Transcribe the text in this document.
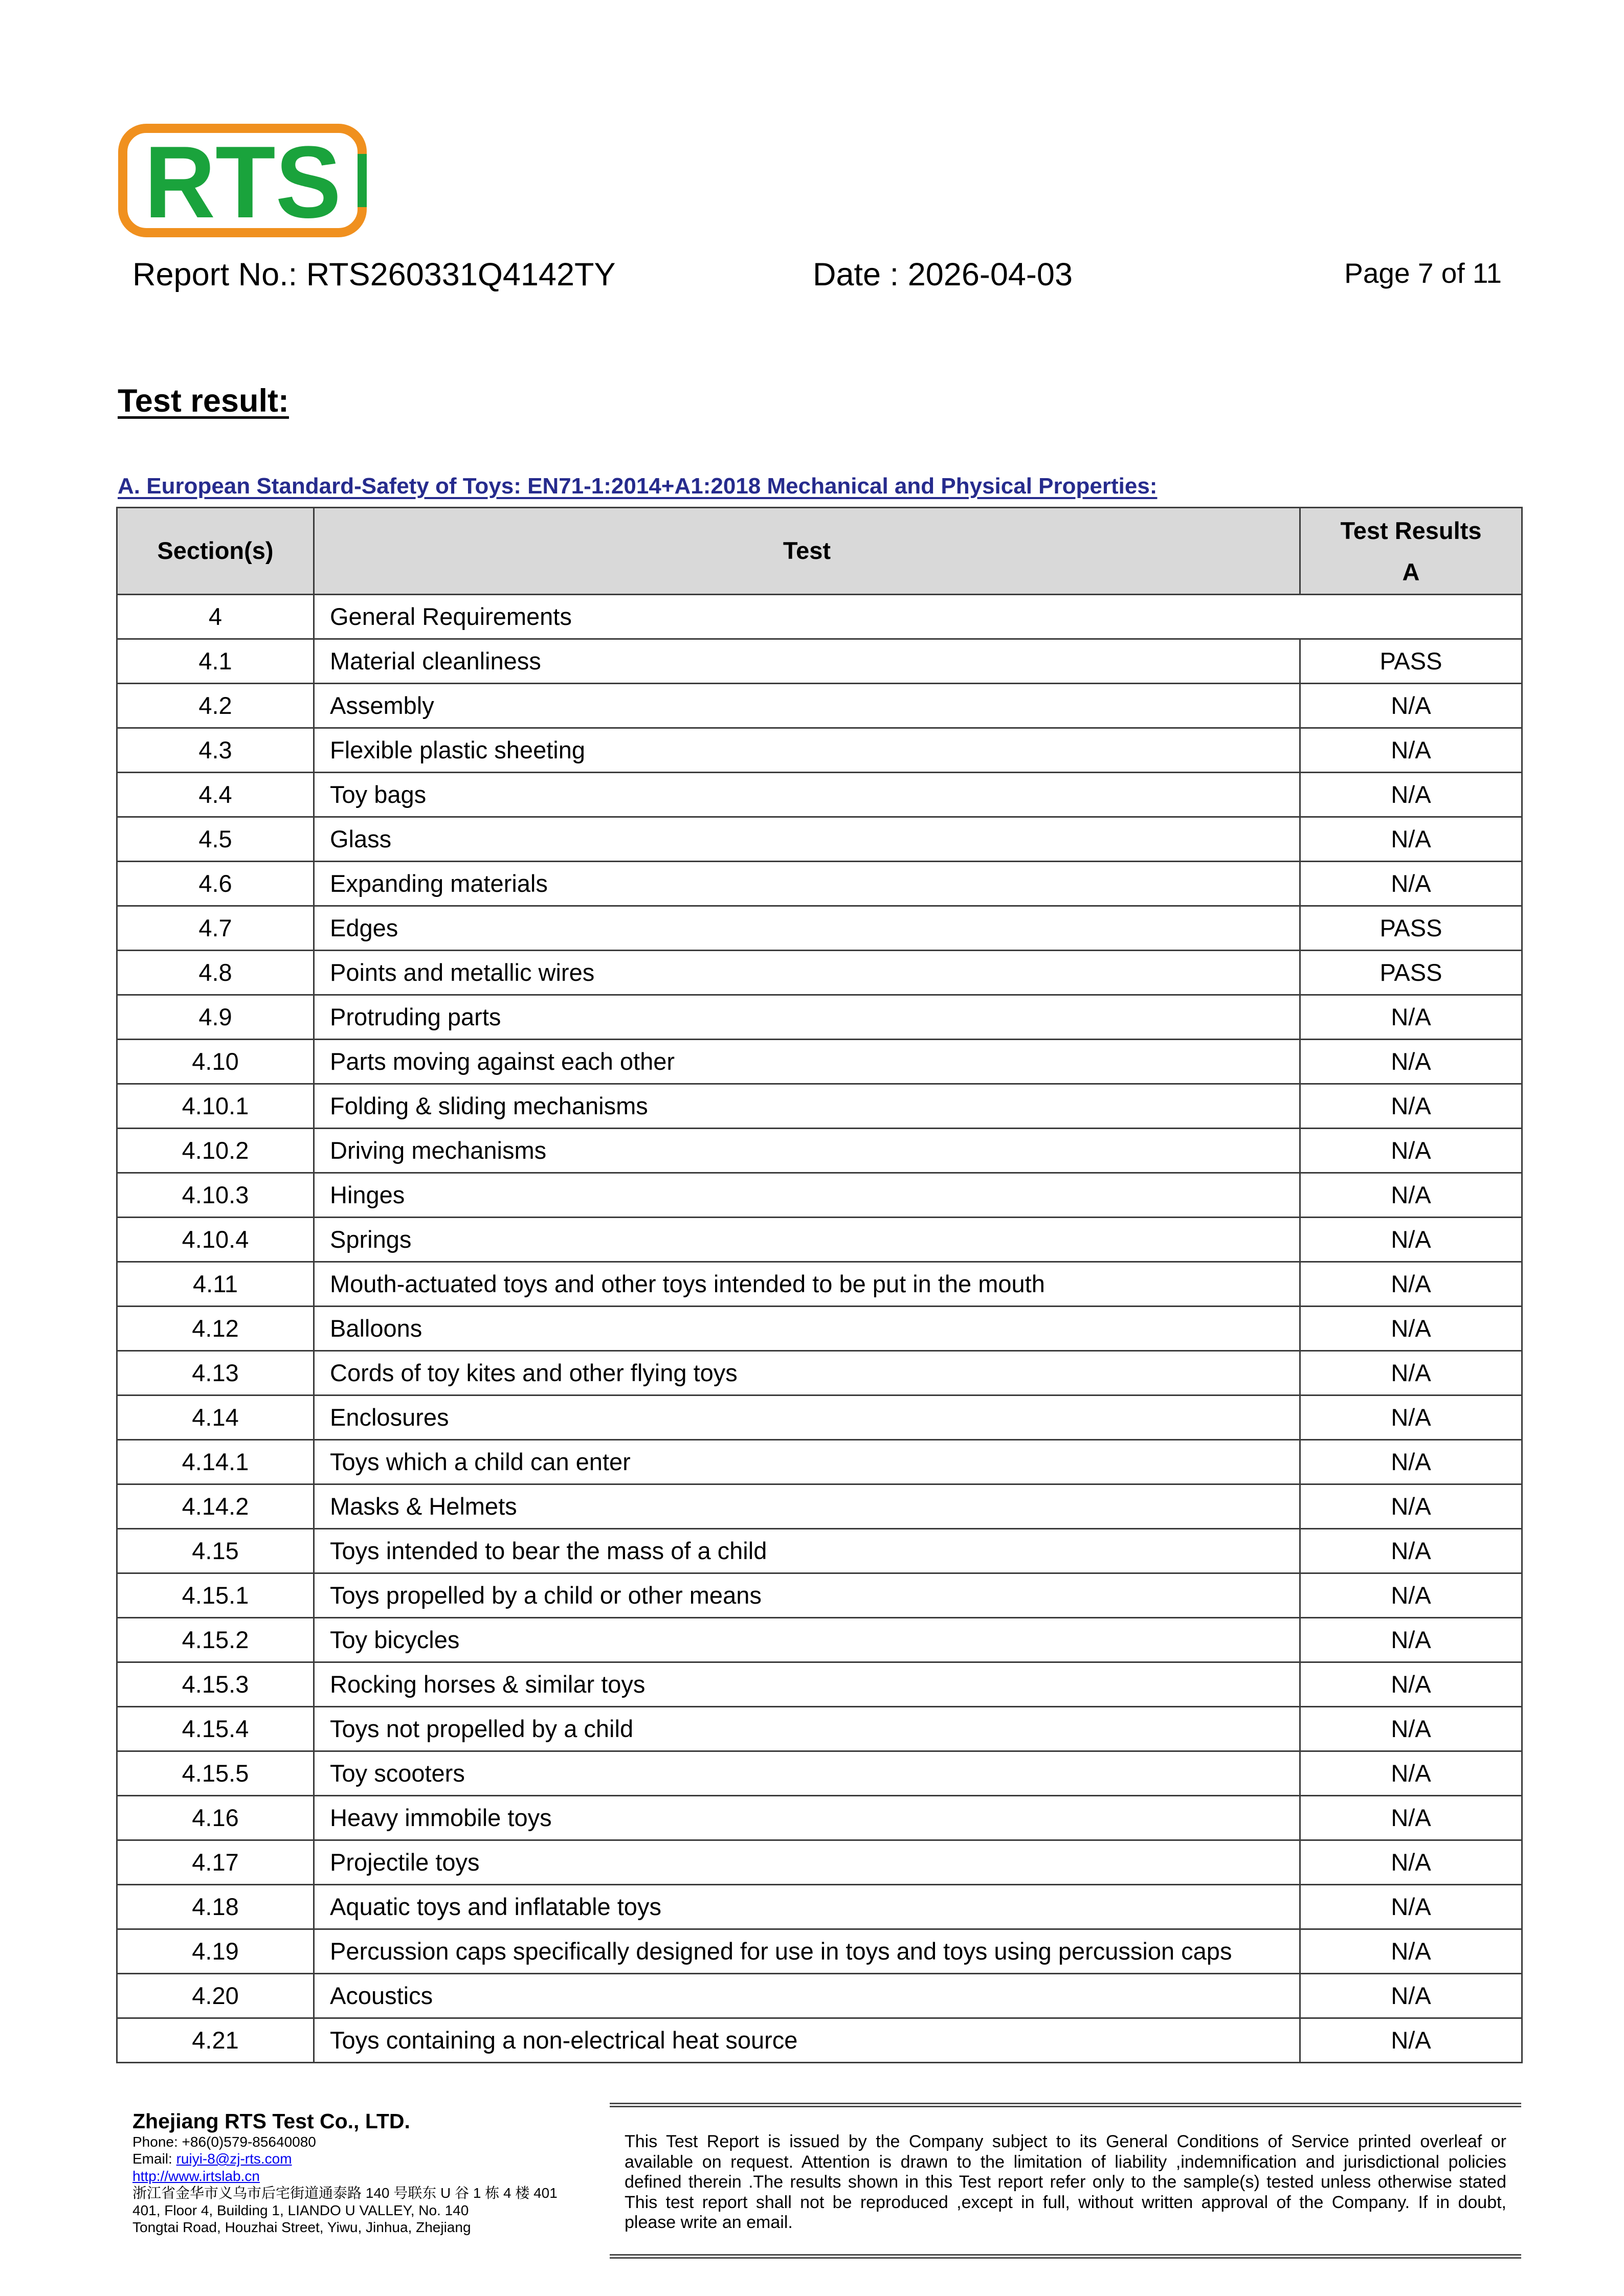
RTS
Report No.: RTS260331Q4142TY	Date : 2026-04-03	Page 7 of 11
Test result:
A. European Standard-Safety of Toys: EN71-1:2014+A1:2018 Mechanical and Physical Properties:
Section(s)	Test	Test Results
A

4	General Requirements	
4.1	Material cleanliness	PASS
4.2	Assembly	N/A
4.3	Flexible plastic sheeting	N/A
4.4	Toy bags	N/A
4.5	Glass	N/A
4.6	Expanding materials	N/A
4.7	Edges	PASS
4.8	Points and metallic wires	PASS
4.9	Protruding parts	N/A
4.10	Parts moving against each other	N/A
4.10.1	Folding & sliding mechanisms	N/A
4.10.2	Driving mechanisms	N/A
4.10.3	Hinges	N/A
4.10.4	Springs	N/A
4.11	Mouth-actuated toys and other toys intended to be put in the mouth	N/A
4.12	Balloons	N/A
4.13	Cords of toy kites and other flying toys	N/A
4.14	Enclosures	N/A
4.14.1	Toys which a child can enter	N/A
4.14.2	Masks & Helmets	N/A
4.15	Toys intended to bear the mass of a child	N/A
4.15.1	Toys propelled by a child or other means	N/A
4.15.2	Toy bicycles	N/A
4.15.3	Rocking horses & similar toys	N/A
4.15.4	Toys not propelled by a child	N/A
4.15.5	Toy scooters	N/A
4.16	Heavy immobile toys	N/A
4.17	Projectile toys	N/A
4.18	Aquatic toys and inflatable toys	N/A
4.19	Percussion caps specifically designed for use in toys and toys using percussion caps	N/A
4.20	Acoustics	N/A
4.21	Toys containing a non-electrical heat source	N/A
Zhejiang RTS Test Co., LTD.
Phone: +86(0)579-85640080
Email: ruiyi-8@zj-rts.com
http://www.irtslab.cn
浙江省金华市义乌市后宅街道通泰路 140 号联东 U 谷 1 栋 4 楼 401
401, Floor 4, Building 1, LIANDO U VALLEY, No. 140
Tongtai Road, Houzhai Street, Yiwu, Jinhua, Zhejiang
This Test Report is issued by the Company subject to its General Conditions of Service printed overleaf or
available on request. Attention is drawn to the limitation of liability ,indemnification and jurisdictional policies
defined therein .The results shown in this Test report refer only to the sample(s) tested unless otherwise stated
This test report shall not be reproduced ,except in full, without written approval of the Company. If in doubt,
please write an email.
